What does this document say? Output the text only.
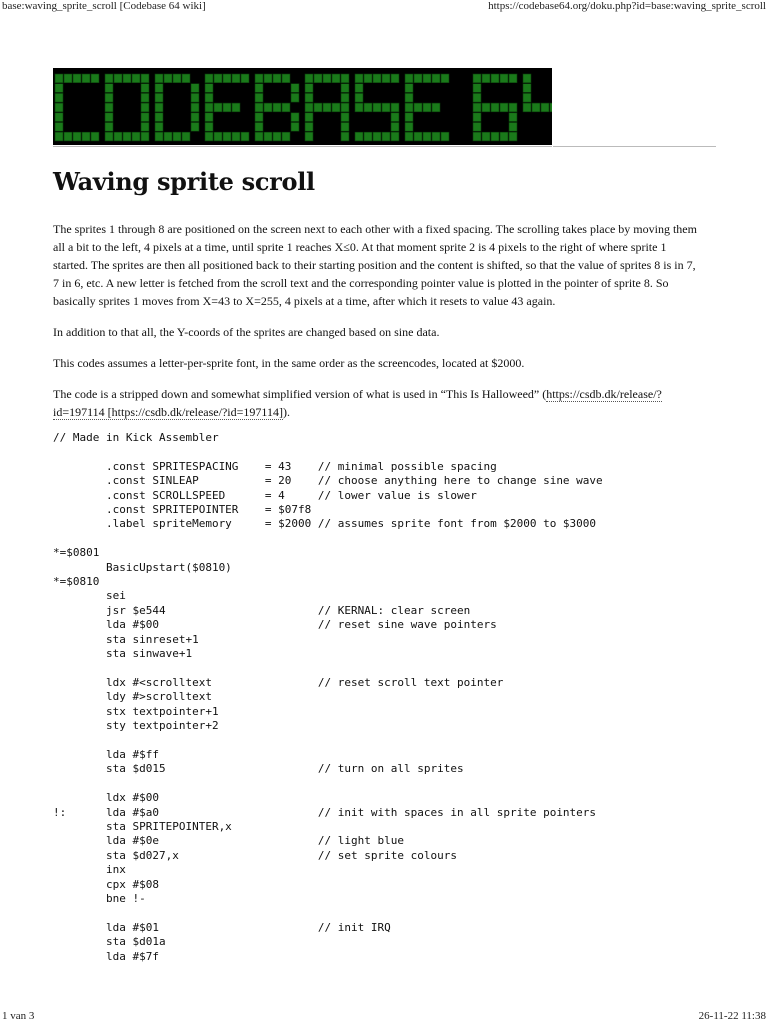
base:waving_sprite_scroll [Codebase 64 wiki]	https://codebase64.org/doku.php?id=base:waving_sprite_scroll
Waving sprite scroll

The sprites 1 through 8 are positioned on the screen next to each other with a fixed spacing. The scrolling takes place by moving them all a bit to the left, 4 pixels at a time, until sprite 1 reaches X≤0. At that moment sprite 2 is 4 pixels to the right of where sprite 1 started. The sprites are then all positioned back to their starting position and the content is shifted, so that the value of sprites 8 is in 7, 7 in 6, etc. A new letter is fetched from the scroll text and the corresponding pointer value is plotted in the pointer of sprite 8. So basically sprites 1 moves from X=43 to X=255, 4 pixels at a time, after which it resets to value 43 again.

In addition to that all, the Y-coords of the sprites are changed based on sine data.

This codes assumes a letter-per-sprite font, in the same order as the screencodes, located at $2000.

The code is a stripped down and somewhat simplified version of what is used in “This Is Halloweed” (https://csdb.dk/release/?id=197114 [https://csdb.dk/release/?id=197114]).

// Made in Kick Assembler

.const SPRITESPACING    = 43    // minimal possible spacing
.const SINLEAP          = 20    // choose anything here to change sine wave
.const SCROLLSPEED      = 4     // lower value is slower
.const SPRITEPOINTER    = $07f8
.label spriteMemory     = $2000 // assumes sprite font from $2000 to $3000

*=$0801
BasicUpstart($0810)
*=$0810
sei
jsr $e544                       // KERNAL: clear screen
lda #$00                        // reset sine wave pointers
sta sinreset+1
sta sinwave+1

ldx #<scrolltext                // reset scroll text pointer
ldy #>scrolltext
stx textpointer+1
sty textpointer+2

lda #$ff
sta $d015                       // turn on all sprites

ldx #$00
!:      lda #$a0                        // init with spaces in all sprite pointers
sta SPRITEPOINTER,x
lda #$0e                        // light blue
sta $d027,x                     // set sprite colours
inx
cpx #$08
bne !-

lda #$01                        // init IRQ
sta $d01a
lda #$7f
1 van 3	26-11-22 11:38
